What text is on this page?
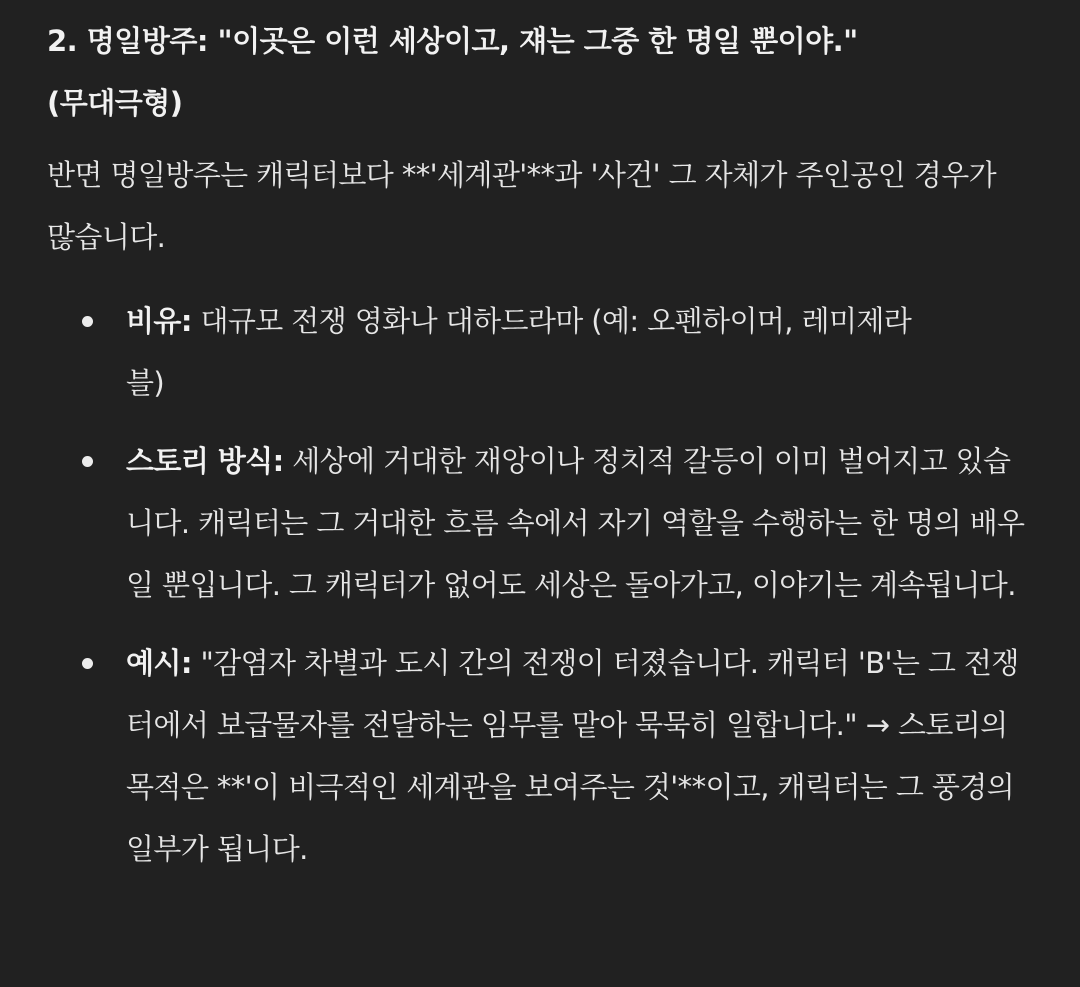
2. 명일방주: "이곳은 이런 세상이고, 쟤는 그중 한 명일 뿐이야."
(무대극형)

반면 명일방주는 캐릭터보다 **'세계관'**과 '사건' 그 자체가 주인공인 경우가 많습니다.

비유: 대규모 전쟁 영화나 대하드라마 (예: 오펜하이머, 레미제라블)
스토리 방식: 세상에 거대한 재앙이나 정치적 갈등이 이미 벌어지고 있습니다. 캐릭터는 그 거대한 흐름 속에서 자기 역할을 수행하는 한 명의 배우일 뿐입니다. 그 캐릭터가 없어도 세상은 돌아가고, 이야기는 계속됩니다.
예시: "감염자 차별과 도시 간의 전쟁이 터졌습니다. 캐릭터 'B'는 그 전쟁터에서 보급물자를 전달하는 임무를 맡아 묵묵히 일합니다." → 스토리의 목적은 **'이 비극적인 세계관을 보여주는 것'**이고, 캐릭터는 그 풍경의 일부가 됩니다.
